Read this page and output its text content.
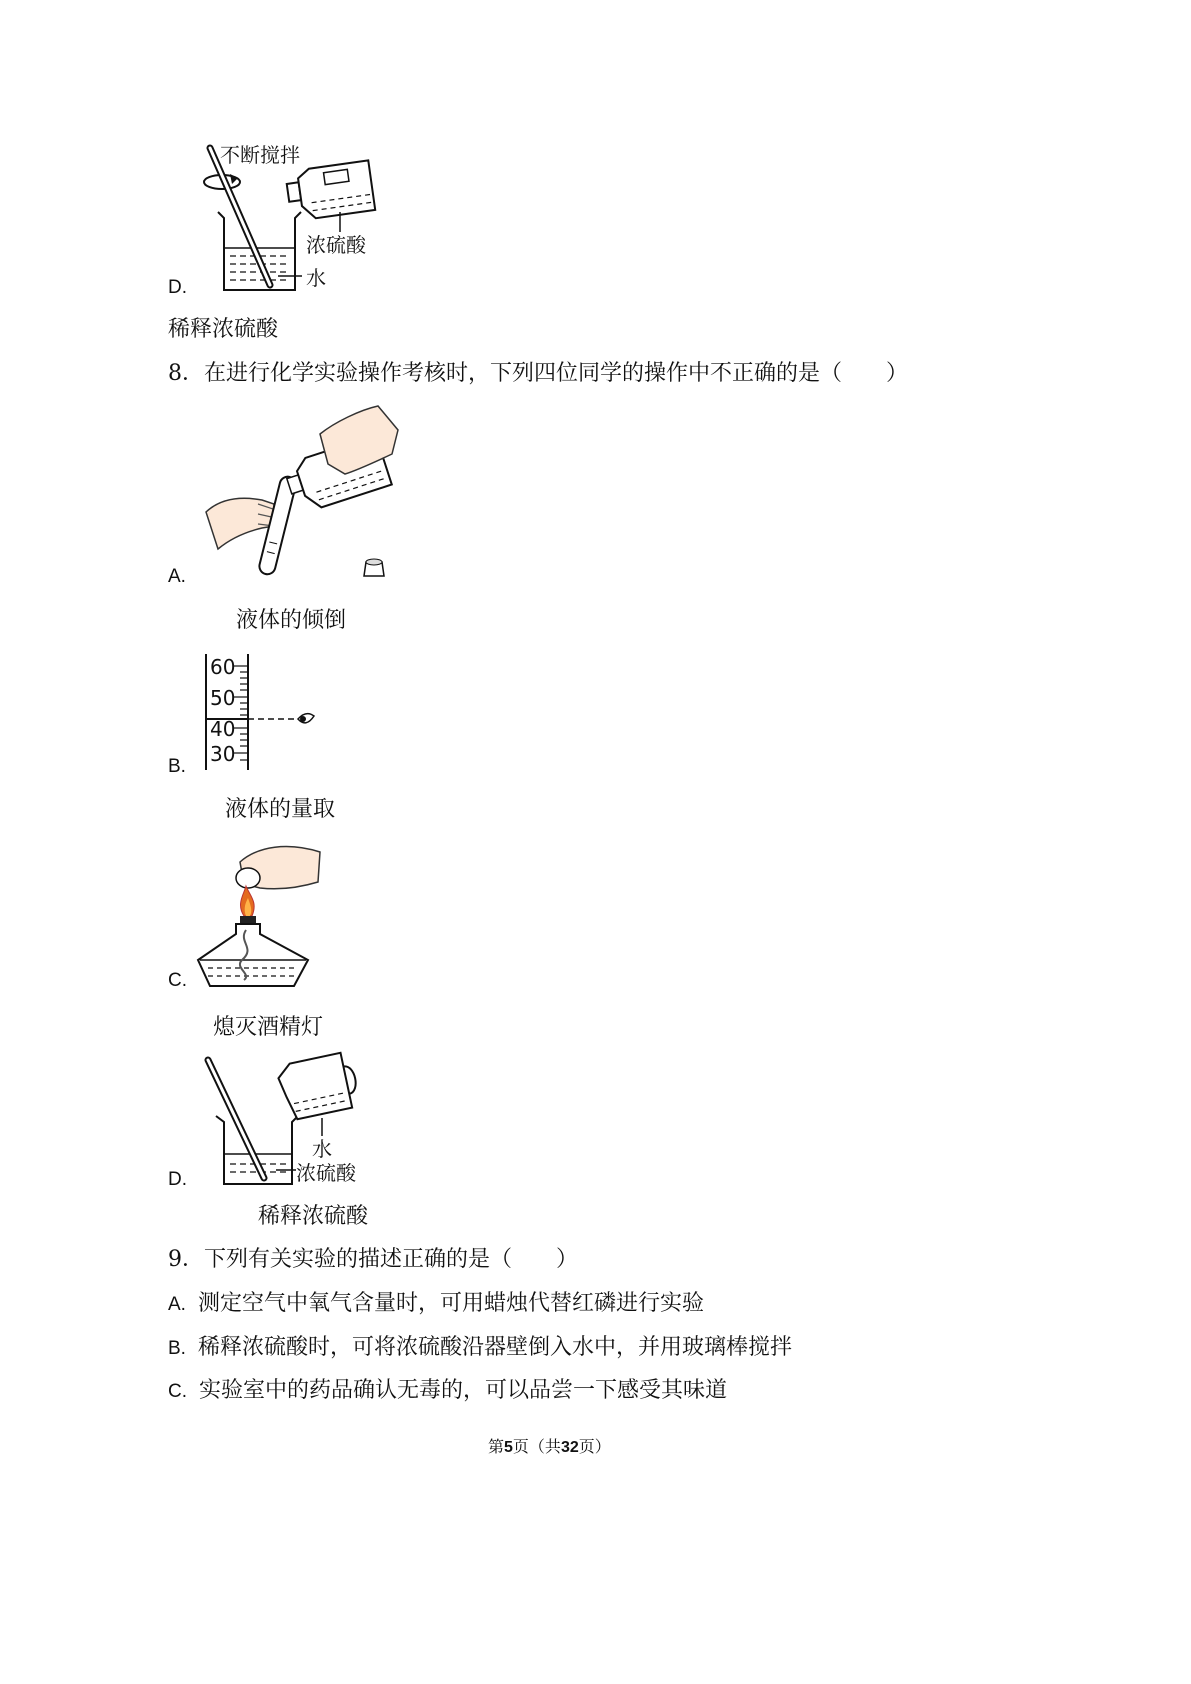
不断搅拌
浓硫酸
水
D.
稀释浓硫酸
8．在进行化学实验操作考核时，下列四位同学的操作中不正确的是（　　）
A.
液体的倾倒
60
50
40
30
B.
液体的量取
C.
熄灭酒精灯
水
浓硫酸
D.
稀释浓硫酸
9．下列有关实验的描述正确的是（　　）
A. 测定空气中氧气含量时，可用蜡烛代替红磷进行实验
B. 稀释浓硫酸时，可将浓硫酸沿器壁倒入水中，并用玻璃棒搅拌
C. 实验室中的药品确认无毒的，可以品尝一下感受其味道
第5页（共32页）
